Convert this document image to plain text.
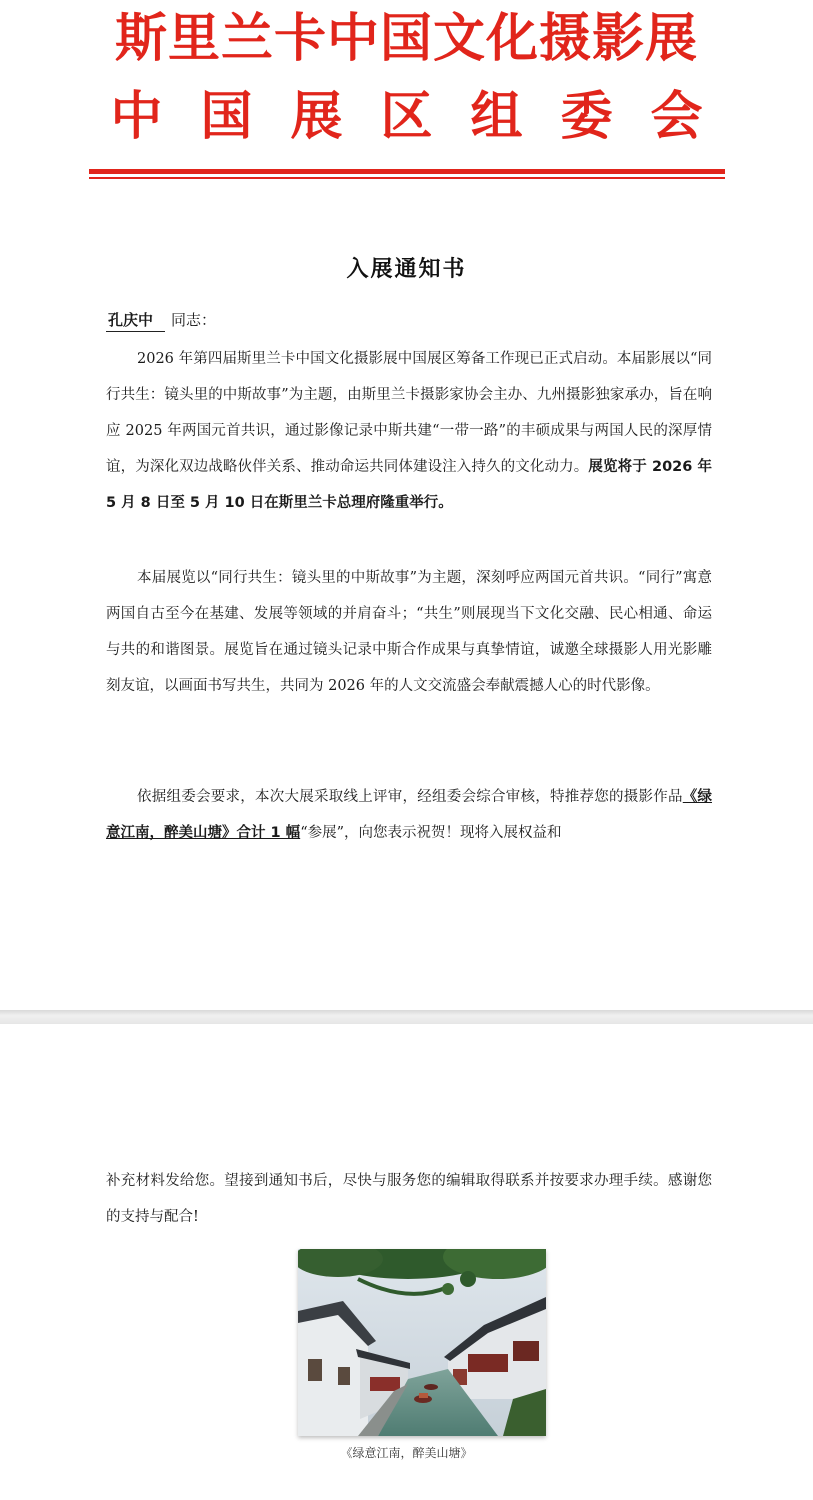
斯里兰卡中国文化摄影展
中国展区组委会
入展通知书
孔庆中 同志：

2026 年第四届斯里兰卡中国文化摄影展中国展区筹备工作现已正式启动。本届影展以“同行共生：镜头里的中斯故事”为主题，由斯里兰卡摄影家协会主办、九州摄影独家承办，旨在响应 2025 年两国元首共识，通过影像记录中斯共建“一带一路”的丰硕成果与两国人民的深厚情谊，为深化双边战略伙伴关系、推动命运共同体建设注入持久的文化动力。展览将于 2026 年 5 月 8 日至 5 月 10 日在斯里兰卡总理府隆重举行。

本届展览以“同行共生：镜头里的中斯故事”为主题，深刻呼应两国元首共识。“同行”寓意两国自古至今在基建、发展等领域的并肩奋斗；“共生”则展现当下文化交融、民心相通、命运与共的和谐图景。展览旨在通过镜头记录中斯合作成果与真挚情谊，诚邀全球摄影人用光影雕刻友谊，以画面书写共生，共同为 2026 年的人文交流盛会奉献震撼人心的时代影像。

依据组委会要求，本次大展采取线上评审，经组委会综合审核，特推荐您的摄影作品《绿意江南，醉美山塘》合计 1 幅“参展”，向您表示祝贺！现将入展权益和

补充材料发给您。望接到通知书后，尽快与服务您的编辑取得联系并按要求办理手续。感谢您的支持与配合!

《绿意江南，醉美山塘》
